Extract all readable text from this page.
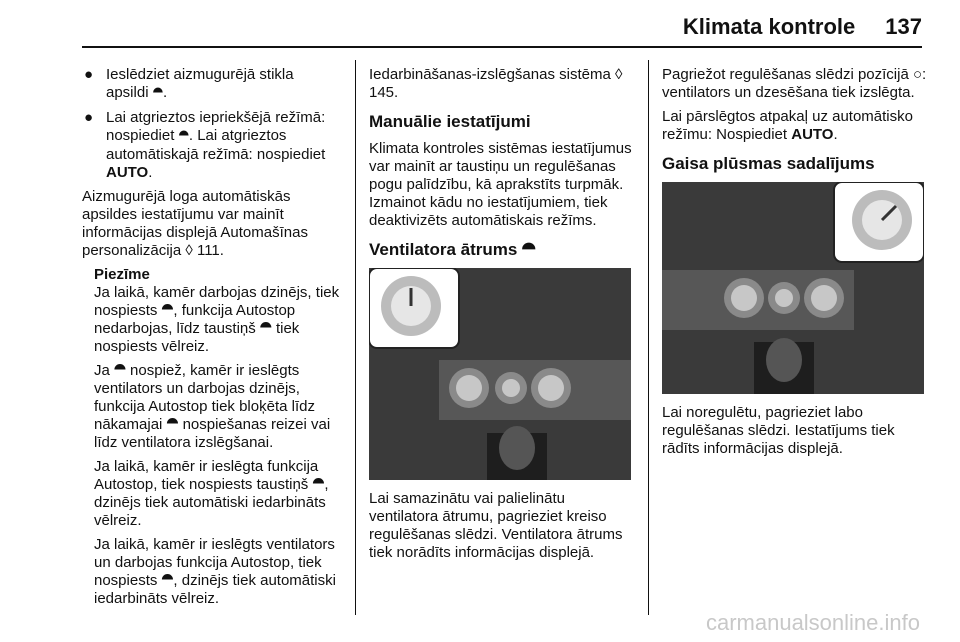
Klimata kontrole 137
● Ieslēdziet aizmugurējā stikla apsildi ⯊.
● Lai atgrieztos iepriekšējā režīmā: nospiediet ⯊. Lai atgrieztos automātiskajā režīmā: nospiediet AUTO.

Aizmugurējā loga automātiskās apsildes iestatījumu var mainīt informācijas displejā Automašīnas personalizācija ◊ 111.

Piezīme

Ja laikā, kamēr darbojas dzinējs, tiek nospiests ⯊, funkcija Autostop nedarbojas, līdz taustiņš ⯊ tiek nospiests vēlreiz.

Ja ⯊ nospiež, kamēr ir ieslēgts ventilators un darbojas dzinējs, funkcija Autostop tiek bloķēta līdz nākamajai ⯊ nospiešanas reizei vai līdz ventilatora izslēgšanai.

Ja laikā, kamēr ir ieslēgta funkcija Autostop, tiek nospiests taustiņš ⯊, dzinējs tiek automātiski iedarbināts vēlreiz.

Ja laikā, kamēr ir ieslēgts ventilators un darbojas funkcija Autostop, tiek nospiests ⯊, dzinējs tiek automātiski iedarbināts vēlreiz.

Iedarbināšanas-izslēgšanas sistēma ◊ 145.

Manuālie iestatījumi

Klimata kontroles sistēmas iestatījumus var mainīt ar taustiņu un regulēšanas pogu palīdzību, kā aprakstīts turpmāk. Izmainot kādu no iestatījumiem, tiek deaktivizēts automātiskais režīms.

Ventilatora ātrums ⯊

Lai samazinātu vai palielinātu ventilatora ātrumu, pagrieziet kreiso regulēšanas slēdzi. Ventilatora ātrums tiek norādīts informācijas displejā.

Pagriežot regulēšanas slēdzi pozīcijā ○: ventilators un dzesēšana tiek izslēgta.

Lai pārslēgtos atpakaļ uz automātisko režīmu: Nospiediet AUTO.

Gaisa plūsmas sadalījums

Lai noregulētu, pagrieziet labo regulēšanas slēdzi. Iestatījums tiek rādīts informācijas displejā.

carmanualsonline.info
